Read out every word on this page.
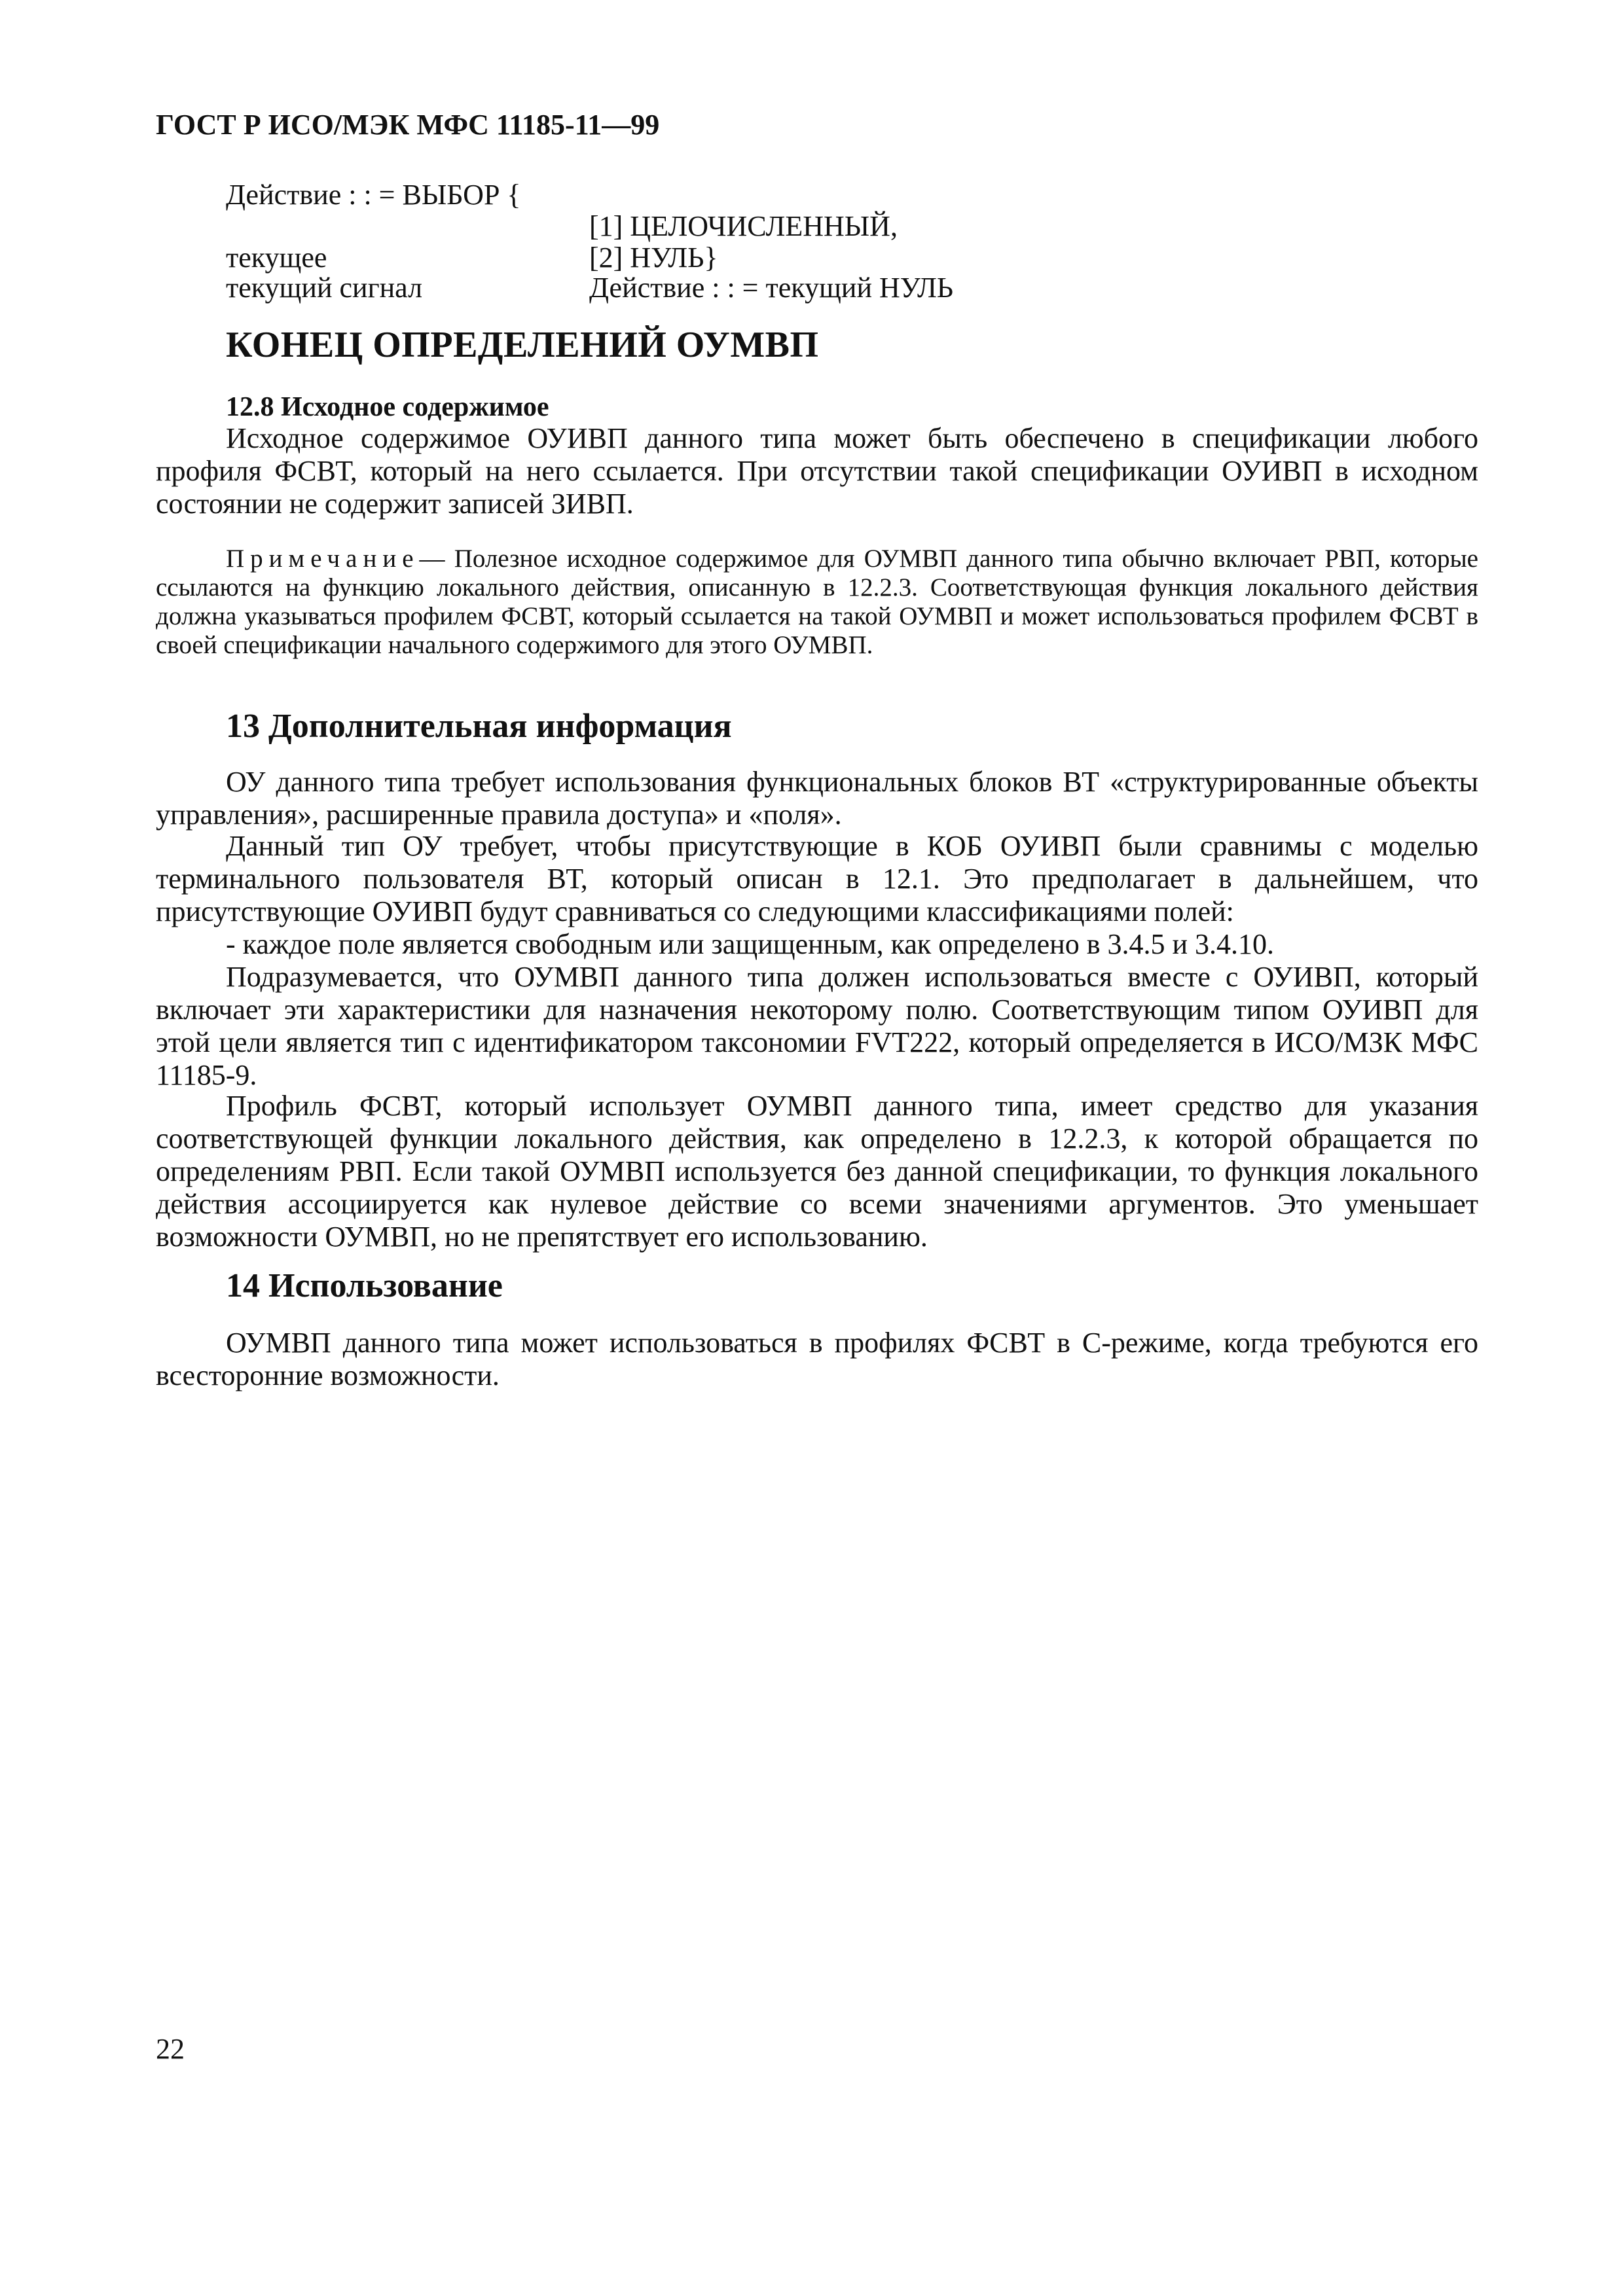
ГОСТ Р ИСО/МЭК МФС 11185-11—99
Действие : : = ВЫБОР {
[1] ЦЕЛОЧИСЛЕННЫЙ,
текущее	[2] НУЛЬ}
текущий сигнал	Действие : : = текущий НУЛЬ
КОНЕЦ ОПРЕДЕЛЕНИЙ ОУМВП
12.8 Исходное содержимое

Исходное содержимое ОУИВП данного типа может быть обеспечено в спецификации любого профиля ФСВТ, который на него ссылается. При отсутствии такой спецификации ОУИВП в исходном состоянии не содержит записей ЗИВП.

Примечание— Полезное исходное содержимое для ОУМВП данного типа обычно включает РВП, которые ссылаются на функцию локального действия, описанную в 12.2.3. Соответствующая функция локального действия должна указываться профилем ФСВТ, который ссылается на такой ОУМВП и может использоваться профилем ФСВТ в своей спецификации начального содержимого для этого ОУМВП.

13 Дополнительная информация

ОУ данного типа требует использования функциональных блоков ВТ «структурированные объекты управления», расширенные правила доступа» и «поля».

Данный тип ОУ требует, чтобы присутствующие в КОБ ОУИВП были сравнимы с моделью терминального пользователя ВТ, который описан в 12.1. Это предполагает в дальнейшем, что присутствующие ОУИВП будут сравниваться со следующими классификациями полей:

- каждое поле является свободным или защищенным, как определено в 3.4.5 и 3.4.10.

Подразумевается, что ОУМВП данного типа должен использоваться вместе с ОУИВП, который включает эти характеристики для назначения некоторому полю. Соответствующим типом ОУИВП для этой цели является тип с идентификатором таксономии FVT222, который определяется в ИСО/МЗК МФС 11185-9.

Профиль ФСВТ, который использует ОУМВП данного типа, имеет средство для указания соответствующей функции локального действия, как определено в 12.2.3, к которой обращается по определениям РВП. Если такой ОУМВП используется без данной спецификации, то функция локального действия ассоциируется как нулевое действие со всеми значениями аргументов. Это уменьшает возможности ОУМВП, но не препятствует его использованию.

14 Использование

ОУМВП данного типа может использоваться в профилях ФСВТ в С-режиме, когда требуются его всесторонние возможности.

22
